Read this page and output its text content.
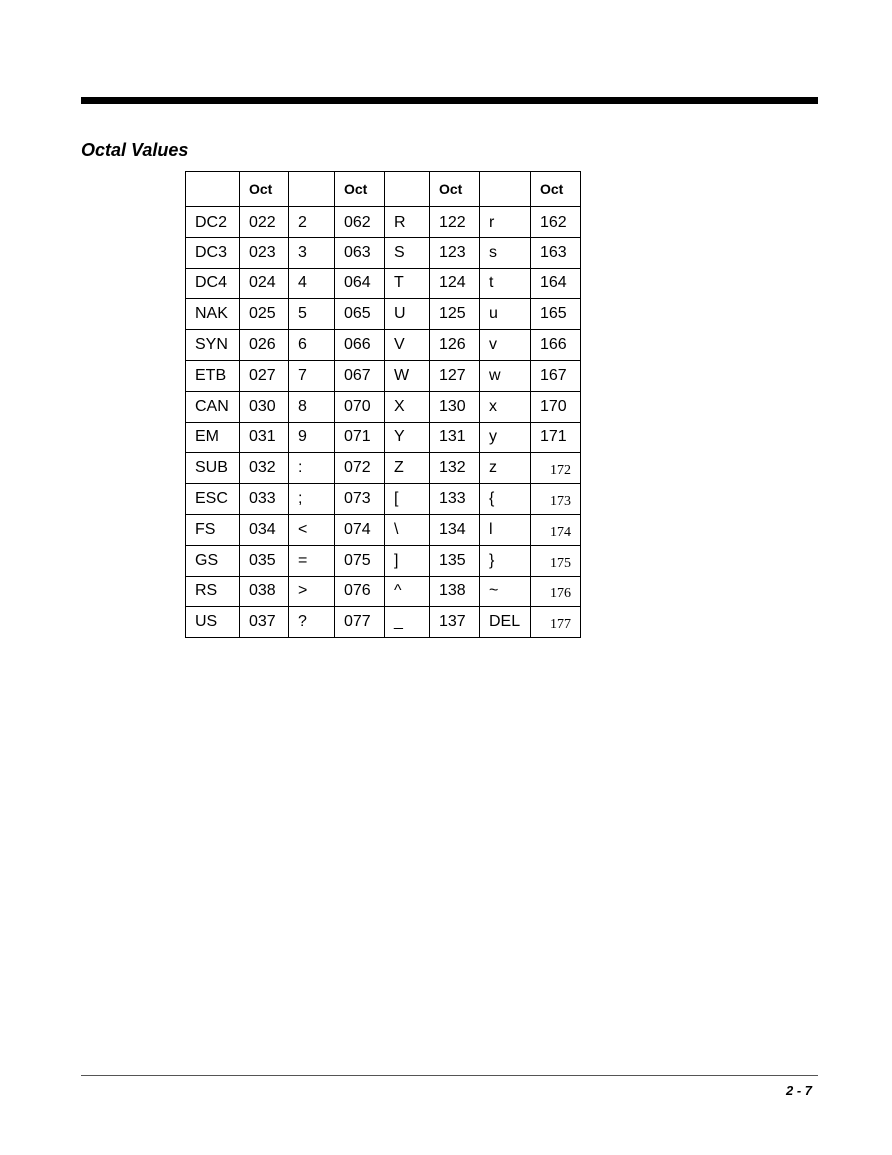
Octal Values
	Oct		Oct		Oct		Oct
DC2	022	2	062	R	122	r	162
DC3	023	3	063	S	123	s	163
DC4	024	4	064	T	124	t	164
NAK	025	5	065	U	125	u	165
SYN	026	6	066	V	126	v	166
ETB	027	7	067	W	127	w	167
CAN	030	8	070	X	130	x	170
EM	031	9	071	Y	131	y	171
SUB	032	:	072	Z	132	z	172
ESC	033	;	073	[	133	{	173
FS	034	<	074	\	134	l	174
GS	035	=	075	]	135	}	175
RS	038	>	076	^	138	~	176
US	037	?	077	_	137	DEL	177
2 - 7
